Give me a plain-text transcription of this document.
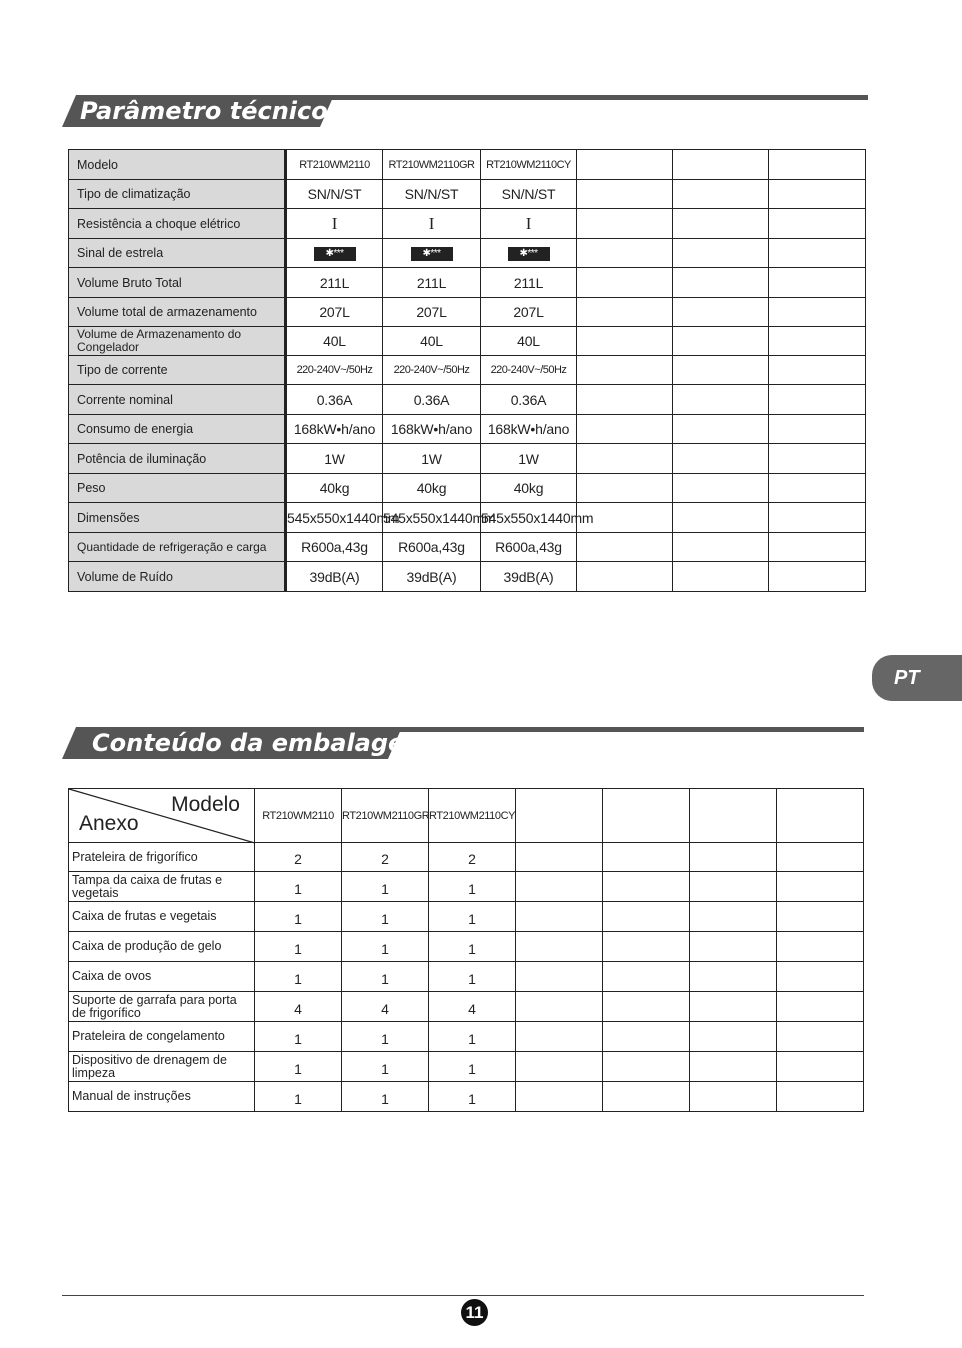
Parâmetro técnico
Modelo	RT210WM2110	RT210WM2110GR	RT210WM2110CY			
Tipo de climatização	SN/N/ST	SN/N/ST	SN/N/ST			
Resistência a choque elétrico	I	I	I			
Sinal de estrela	✱***	✱***	✱***			
Volume Bruto Total	211L	211L	211L			
Volume total de armazenamento	207L	207L	207L			
Volume de Armazenamento do Congelador	40L	40L	40L			
Tipo de corrente	220-240V~/50Hz	220-240V~/50Hz	220-240V~/50Hz			
Corrente nominal	0.36A	0.36A	0.36A			
Consumo de energia	168kW•h/ano	168kW•h/ano	168kW•h/ano			
Potência de iluminação	1W	1W	1W			
Peso	40kg	40kg	40kg			
Dimensões	545x550x1440mm	545x550x1440mm	545x550x1440mm			
Quantidade de refrigeração e carga	R600a,43g	R600a,43g	R600a,43g			
Volume de Ruído	39dB(A)	39dB(A)	39dB(A)			
PT
Conteúdo da embalagem
Modelo
Anexo	RT210WM2110	RT210WM2110GR	RT210WM2110CY				
Prateleira de frigorífico	2	2	2				
Tampa da caixa de frutas e vegetais	1	1	1				
Caixa de frutas e vegetais	1	1	1				
Caixa de produção de gelo	1	1	1				
Caixa de ovos	1	1	1				
Suporte de garrafa para porta de frigorífico	4	4	4				
Prateleira de congelamento	1	1	1				
Dispositivo de drenagem de limpeza	1	1	1				
Manual de instruções	1	1	1				
11
